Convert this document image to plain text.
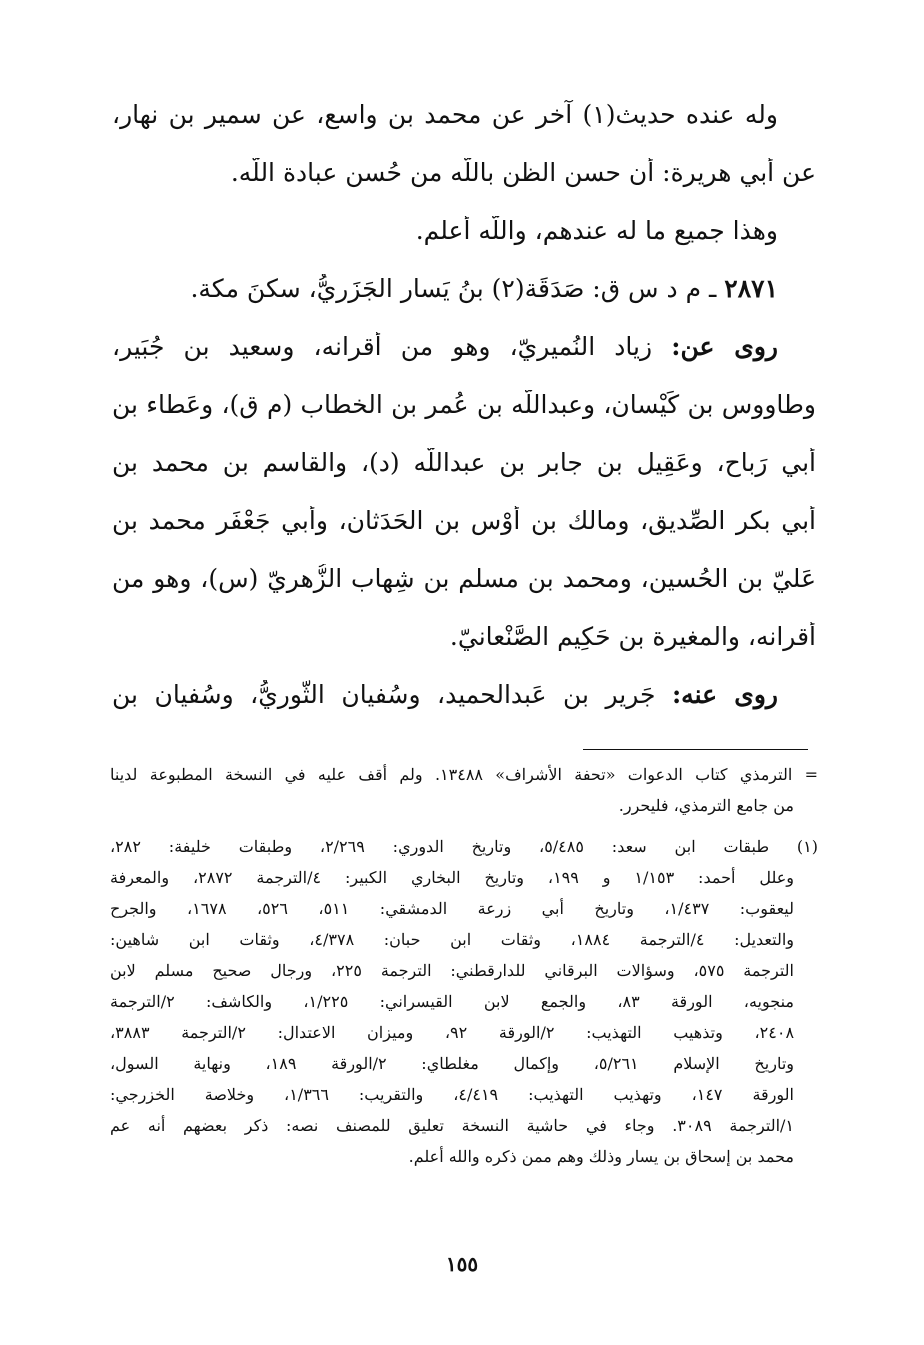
وله عنده حديث(١) آخر عن محمد بن واسع، عن سمير بن نهار،
عن أبي هريرة: أن حسن الظن باللَّه من حُسن عبادة اللَّه.
وهذا جميع ما له عندهم، واللَّه أعلم.
٢٨٧١ ـ م د س ق: صَدَقَة(٢) بنُ يَسار الجَزَريُّ، سكنَ مكة.
روى عن: زياد النُميريّ، وهو من أقرانه، وسعيد بن جُبَير،
وطاووس بن كَيْسان، وعبداللَّه بن عُمر بن الخطاب (م ق)، وعَطاء بن
أبي رَباح، وعَقِيل بن جابر بن عبداللَّه (د)، والقاسم بن محمد بن
أبي بكر الصِّديق، ومالك بن أَوْس بن الحَدَثان، وأبي جَعْفَر محمد بن
عَليّ بن الحُسين، ومحمد بن مسلم بن شِهاب الزُّهريّ (س)، وهو من
أقرانه، والمغيرة بن حَكِيم الصَّنْعانيّ.
روى عنه: جَرير بن عَبدالحميد، وسُفيان الثَّوريُّ، وسُفيان بن
= الترمذي كتاب الدعوات «تحفة الأشراف» ١٣٤٨٨. ولم أقف عليه في النسخة المطبوعة لدينا
من جامع الترمذي، فليحرر.
(١) طبقات ابن سعد: ٥/٤٨٥، وتاريخ الدوري: ٢/٢٦٩، وطبقات خليفة: ٢٨٢،
وعلل أحمد: ١/١٥٣ و ١٩٩، وتاريخ البخاري الكبير: ٤/الترجمة ٢٨٧٢، والمعرفة
ليعقوب: ١/٤٣٧، وتاريخ أبي زرعة الدمشقي: ٥١١، ٥٢٦، ١٦٧٨، والجرح
والتعديل: ٤/الترجمة ١٨٨٤، وثقات ابن حبان: ٤/٣٧٨، وثقات ابن شاهين:
الترجمة ٥٧٥، وسؤالات البرقاني للدارقطني: الترجمة ٢٢٥، ورجال صحيح مسلم لابن
منجويه، الورقة ٨٣، والجمع لابن القيسراني: ١/٢٢٥، والكاشف: ٢/الترجمة
٢٤٠٨، وتذهيب التهذيب: ٢/الورقة ٩٢، وميزان الاعتدال: ٢/الترجمة ٣٨٨٣،
وتاريخ الإسلام ٥/٢٦١، وإكمال مغلطاي: ٢/الورقة ١٨٩، ونهاية السول،
الورقة ١٤٧، وتهذيب التهذيب: ٤/٤١٩، والتقريب: ١/٣٦٦، وخلاصة الخزرجي:
١/الترجمة ٣٠٨٩. وجاء في حاشية النسخة تعليق للمصنف نصه: ذكر بعضهم أنه عم
محمد بن إسحاق بن يسار وذلك وهم ممن ذكره والله أعلم.
١٥٥
